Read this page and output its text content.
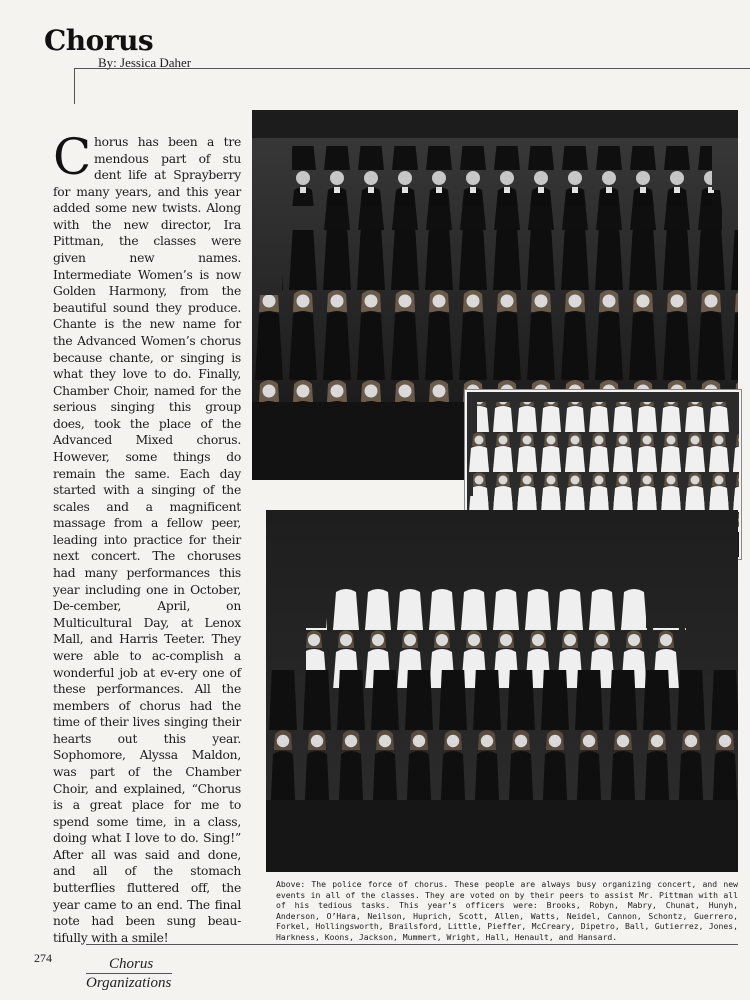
Chorus
By: Jessica Daher
Chorus has been a tre mendous part of stu dent life at Sprayberry for many years, and this year added some new twists. Along with the new director, Ira Pittman, the classes were given new names. Intermediate Women’s is now Golden Harmony, from the beautiful sound they produce. Chante is the new name for the Advanced Women’s chorus because chante, or singing is what they love to do. Finally, Chamber Choir, named for the serious singing this group does, took the place of the Advanced Mixed chorus. However, some things do remain the same. Each day started with a singing of the scales and a magnificent massage from a fellow peer, leading into practice for their next concert. The choruses had many performances this year including one in October, De-cember, April, on Multicultural Day, at Lenox Mall, and Harris Teeter. They were able to ac-complish a wonderful job at ev-ery one of these performances. All the members of chorus had the time of their lives singing their hearts out this year. Sophomore, Alyssa Maldon, was part of the Chamber Choir, and explained, “Chorus is a great place for me to spend some time, in a class, doing what I love to do. Sing!” After all was said and done, and all of the stomach butterflies fluttered off, the year came to an end. The final note had been sung beau-tifully with a smile!
Above: The police force of chorus. These people are always busy organizing concert, and new events in all of the classes. They are voted on by their peers to assist Mr. Pittman with all of his tedious tasks. This year’s officers were: Brooks, Robyn, Mabry, Chunat, Hunyh, Anderson, O’Hara, Neilson, Huprich, Scott, Allen, Watts, Neidel, Cannon, Schontz, Guerrero, Forkel, Hollingsworth, Brailsford, Little, Pieffer, McCreary, Dipetro, Ball, Gutierrez, Jones, Harkness, Koons, Jackson, Mummert, Wright, Hall, Henault, and Hansard.
274	Chorus
Organizations
